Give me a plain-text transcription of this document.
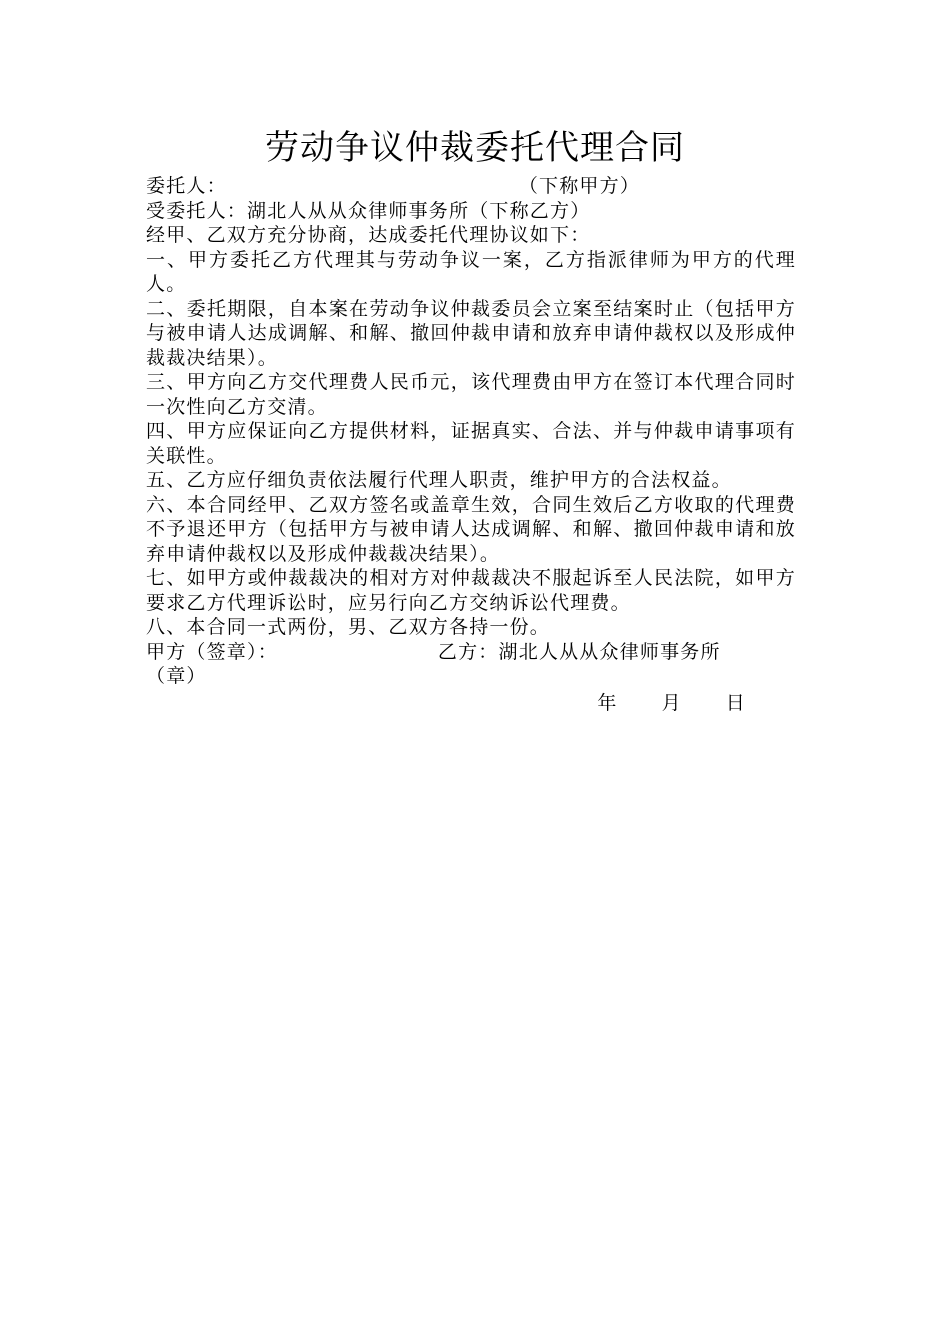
劳动争议仲裁委托代理合同
委托人：	（下称甲方）
受委托人：湖北人从从众律师事务所（下称乙方）
经甲、乙双方充分协商，达成委托代理协议如下：
一、甲方委托乙方代理其与劳动争议一案，乙方指派律师为甲方的代理人。
二、委托期限，自本案在劳动争议仲裁委员会立案至结案时止（包括甲方与被申请人达成调解、和解、撤回仲裁申请和放弃申请仲裁权以及形成仲裁裁决结果）。
三、甲方向乙方交代理费人民币元，该代理费由甲方在签订本代理合同时一次性向乙方交清。
四、甲方应保证向乙方提供材料，证据真实、合法、并与仲裁申请事项有关联性。
五、乙方应仔细负责依法履行代理人职责，维护甲方的合法权益。
六、本合同经甲、乙双方签名或盖章生效，合同生效后乙方收取的代理费不予退还甲方（包括甲方与被申请人达成调解、和解、撤回仲裁申请和放弃申请仲裁权以及形成仲裁裁决结果）。
七、如甲方或仲裁裁决的相对方对仲裁裁决不服起诉至人民法院，如甲方要求乙方代理诉讼时，应另行向乙方交纳诉讼代理费。
八、本合同一式两份，男、乙双方各持一份。
甲方（签章）：	乙方：湖北人从从众律师事务所
（章）
年 月 日
